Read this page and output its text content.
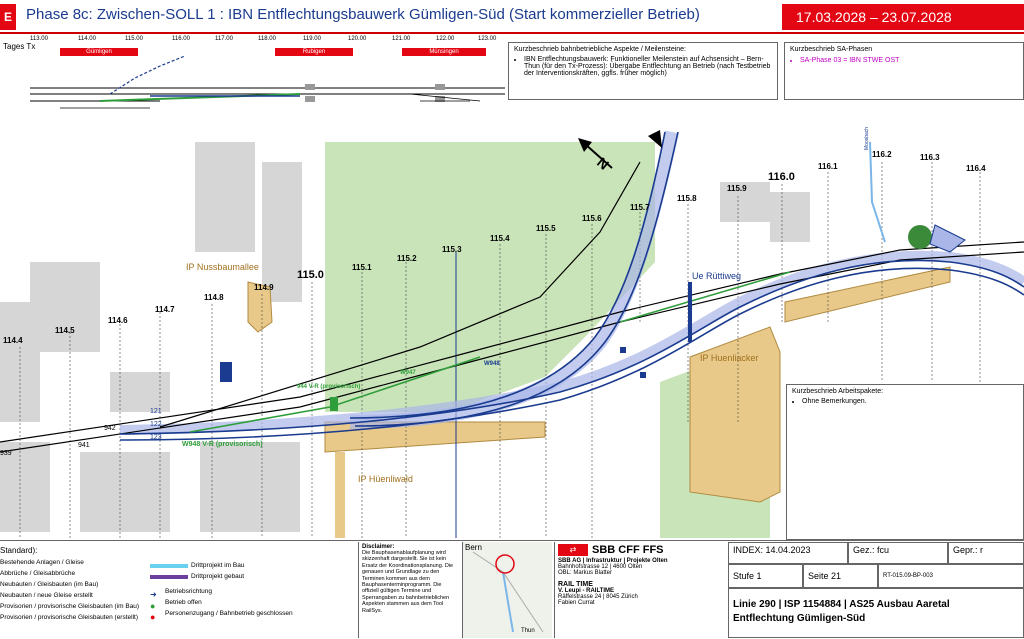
E Phase 8c: Zwischen-SOLL 1 : IBN Entflechtungsbauwerk Gümligen-Süd (Start kommerzieller Betrieb)	17.03.2028 – 23.07.2028
113.00	114.00	115.00	116.00	117.00	118.00	119.00	120.00	121.00	122.00	123.00
Tages Tx
Gümligen	Rubigen	Münsingen	Kurzbeschrieb bahnbetriebliche Aspekte / Meilensteine:
• IBN Entflechtungsbauwerk: Funktioneller Meilenstein auf Achsensicht – Bern-Thun (für den Tx-Prozess): Übergabe Entflechtung an Betrieb (nach Testbetrieb der Interventionskräften, ggfls. früher möglich)
Kurzbeschrieb SA-Phasen
• SA-Phase 03 = IBN STWE OST
N
114.4
114.5
114.6
114.7
114.8
114.9
115.0
115.1
115.2
115.3
115.4
115.5
115.6
115.7
115.8
115.9
116.0
116.1
116.2	116.3
116.4
IP Nussbaumallee
IP Hüenliwald
IP Huenliacker
Ue Rüttiweg
W948 V-R (provisorisch)
944 V-R (provisorisch)
W947
W948
121
122
123
942
941
939
Moosbach
Kurzbeschrieb Arbeitspakete:
• Ohne Bemerkungen.
Standard):
Bestehende Anlagen / Gleise
Abbrüche / Gleisabbrüche
Neubauten / Gleisbauten (im Bau)
Neubauten / neue Gleise erstellt
Provisorien / provisorische Gleisbauten (im Bau)
Provisorien / provisorische Gleisbauten (erstellt)
Drittprojekt im Bau
Drittprojekt gebaut
➜	Betriebsrichtung
●	Betrieb offen
●	Personenzugang / Bahnbetrieb geschlossen
Disclaimer:
Die Bauphasenablaufplanung wird skizzenhaft dargestellt. Sie ist kein Ersatz der Koordinationsplanung. Die genauen und Grundlage zu den Terminen kommen aus dem Bauphasenterminprogramm. Die offiziell gültigen Termine und Sperrangaben zu bahnbetrieblichen Aspekten stammen aus dem Tool RailSys.
Bern
Thun
⇄	SBB CFF FFS
SBB AG | Infrastruktur | Projekte Olten
Bahnhofstrasse 12 | 4600 Olten
OBL: Markus Blatter
RAIL TIME
V. Leupi - RAILTIME
Räffelstrasse 24 | 8045 Zürich
Fabien Currat
INDEX: 14.04.2023	Gez.: fcu	Gepr.: r
Stufe 1	Seite 21	RT-015.09-BP-003
Linie 290 | ISP 1154884 | AS25 Ausbau Aaretal
Entflechtung Gümligen-Süd
